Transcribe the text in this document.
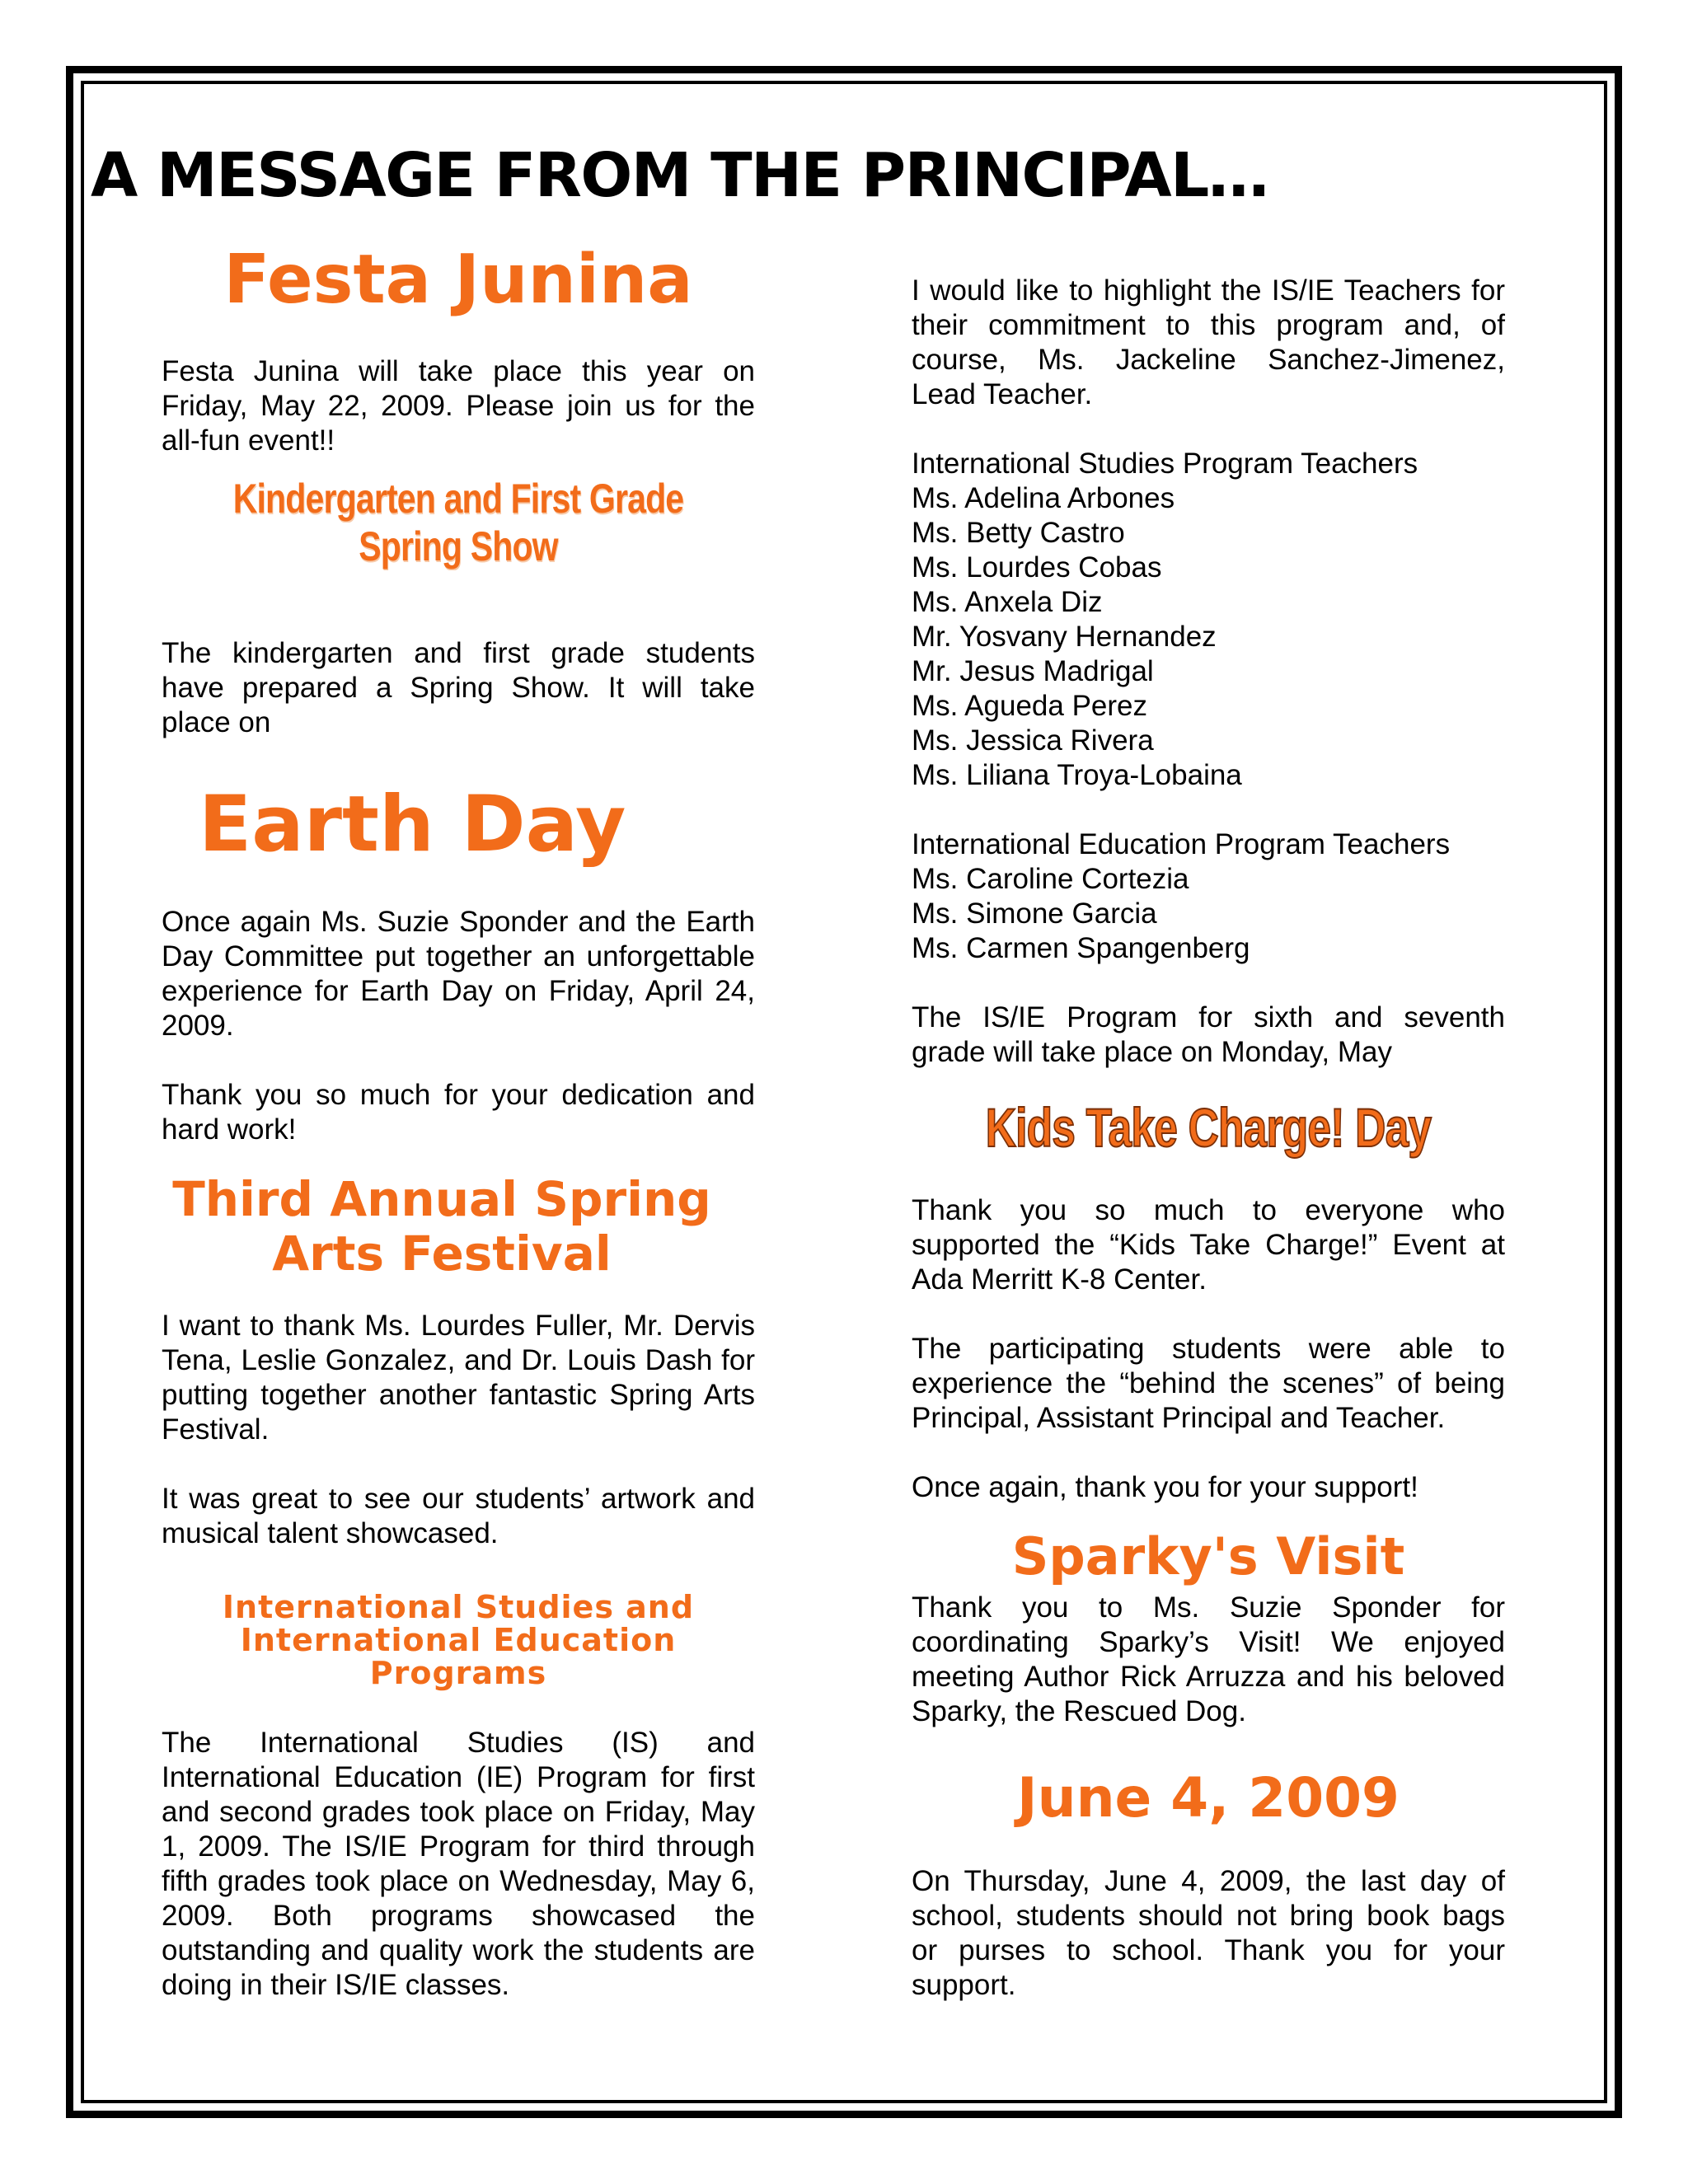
A MESSAGE FROM THE PRINCIPAL…
Festa Junina

Festa Junina will take place this year on Friday, May 22, 2009. Please join us for the all-fun event!!

Kindergarten and First Grade
Spring Show

The kindergarten and first grade students have prepared a Spring Show. It will take place on

Earth Day

Once again Ms. Suzie Sponder and the Earth Day Committee put together an unforgettable experience for Earth Day on Friday, April 24, 2009.

Thank you so much for your dedication and hard work!

Third Annual Spring
Arts Festival

I want to thank Ms. Lourdes Fuller, Mr. Dervis Tena, Leslie Gonzalez, and Dr. Louis Dash for putting together another fantastic Spring Arts Festival.

It was great to see our students’ artwork and musical talent showcased.

International Studies and
International Education
Programs

The International Studies (IS) and International Education (IE) Program for first and second grades took place on Friday, May 1, 2009. The IS/IE Program for third through fifth grades took place on Wednesday, May 6, 2009. Both programs showcased the outstanding and quality work the students are doing in their IS/IE classes.

I would like to highlight the IS/IE Teachers for their commitment to this program and, of course, Ms. Jackeline Sanchez-Jimenez, Lead Teacher.

International Studies Program Teachers

Ms. Adelina Arbones
Ms. Betty Castro
Ms. Lourdes Cobas
Ms. Anxela Diz
Mr. Yosvany Hernandez
Mr. Jesus Madrigal
Ms. Agueda Perez
Ms. Jessica Rivera
Ms. Liliana Troya-Lobaina

International Education Program Teachers

Ms. Caroline Cortezia
Ms. Simone Garcia
Ms. Carmen Spangenberg

The IS/IE Program for sixth and seventh grade will take place on Monday, May

Kids Take Charge! Day

Thank you so much to everyone who supported the “Kids Take Charge!” Event at Ada Merritt K-8 Center.

The participating students were able to experience the “behind the scenes” of being Principal, Assistant Principal and Teacher.

Once again, thank you for your support!

Sparky's Visit

Thank you to Ms. Suzie Sponder for coordinating Sparky’s Visit! We enjoyed meeting Author Rick Arruzza and his beloved Sparky, the Rescued Dog.

June 4, 2009

On Thursday, June 4, 2009, the last day of school, students should not bring book bags or purses to school. Thank you for your support.
